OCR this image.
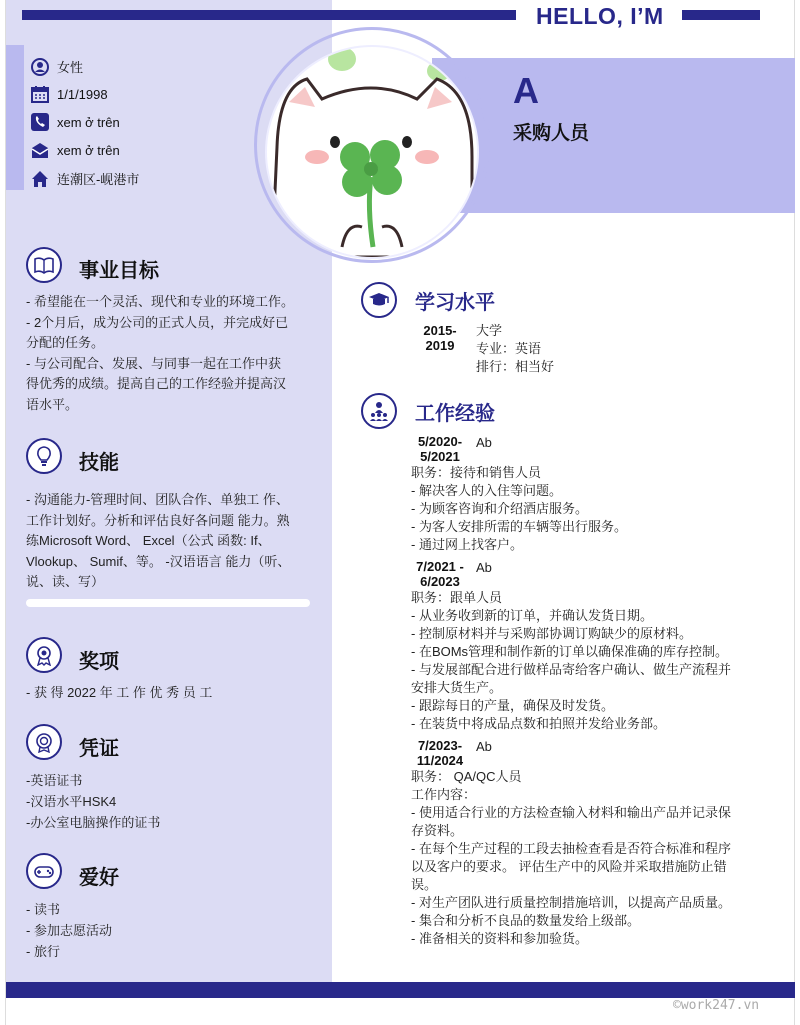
HELLO, I’M
A
采购人员
女性
1/1/1998
xem ở trên
xem ở trên
连潮区-岘港市
事业目标
- 希望能在一个灵活、现代和专业的环境工作。
- 2个月后，成为公司的正式人员，并完成好已
分配的任务。
- 与公司配合、发展、与同事一起在工作中获
得优秀的成绩。提高自己的工作经验并提高汉
语水平。
技能
- 沟通能力-管理时间、团队合作、单独工 作、
工作计划好。分析和评估良好各问题 能力。熟
练Microsoft Word、 Excel（公式 函数: If、
Vlookup、 Sumif、等。 -汉语语言 能力（听、
说、读、写）
奖项
- 获 得 2022 年 工 作 优 秀 员 工
凭证
-英语证书
-汉语水平HSK4
-办公室电脑操作的证书
爱好
- 读书
- 参加志愿活动
- 旅行
学习水平
2015-
2019
大学
专业：英语
排行：相当好
工作经验
5/2020-
5/2021
Ab
职务：接待和销售人员
- 解决客人的入住等问题。
- 为顾客咨询和介绍酒店服务。
- 为客人安排所需的车辆等出行服务。
- 通过网上找客户。
7/2021 -
6/2023
Ab
职务：跟单人员
- 从业务收到新的订单，并确认发货日期。
- 控制原材料并与采购部协调订购缺少的原材料。
- 在BOMs管理和制作新的订单以确保准确的库存控制。
- 与发展部配合进行做样品寄给客户确认、做生产流程并
安排大货生产。
- 跟踪每日的产量，确保及时发货。
- 在装货中将成品点数和拍照并发给业务部。
7/2023-
11/2024
Ab
职务： QA/QC人员
工作内容：
- 使用适合行业的方法检查输入材料和输出产品并记录保
存资料。
- 在每个生产过程的工段去抽检查看是否符合标准和程序
以及客户的要求。 评估生产中的风险并采取措施防止错
误。
- 对生产团队进行质量控制措施培训，以提高产品质量。
- 集合和分析不良品的数量发给上级部。
- 准备相关的资料和参加验货。
©work247.vn
